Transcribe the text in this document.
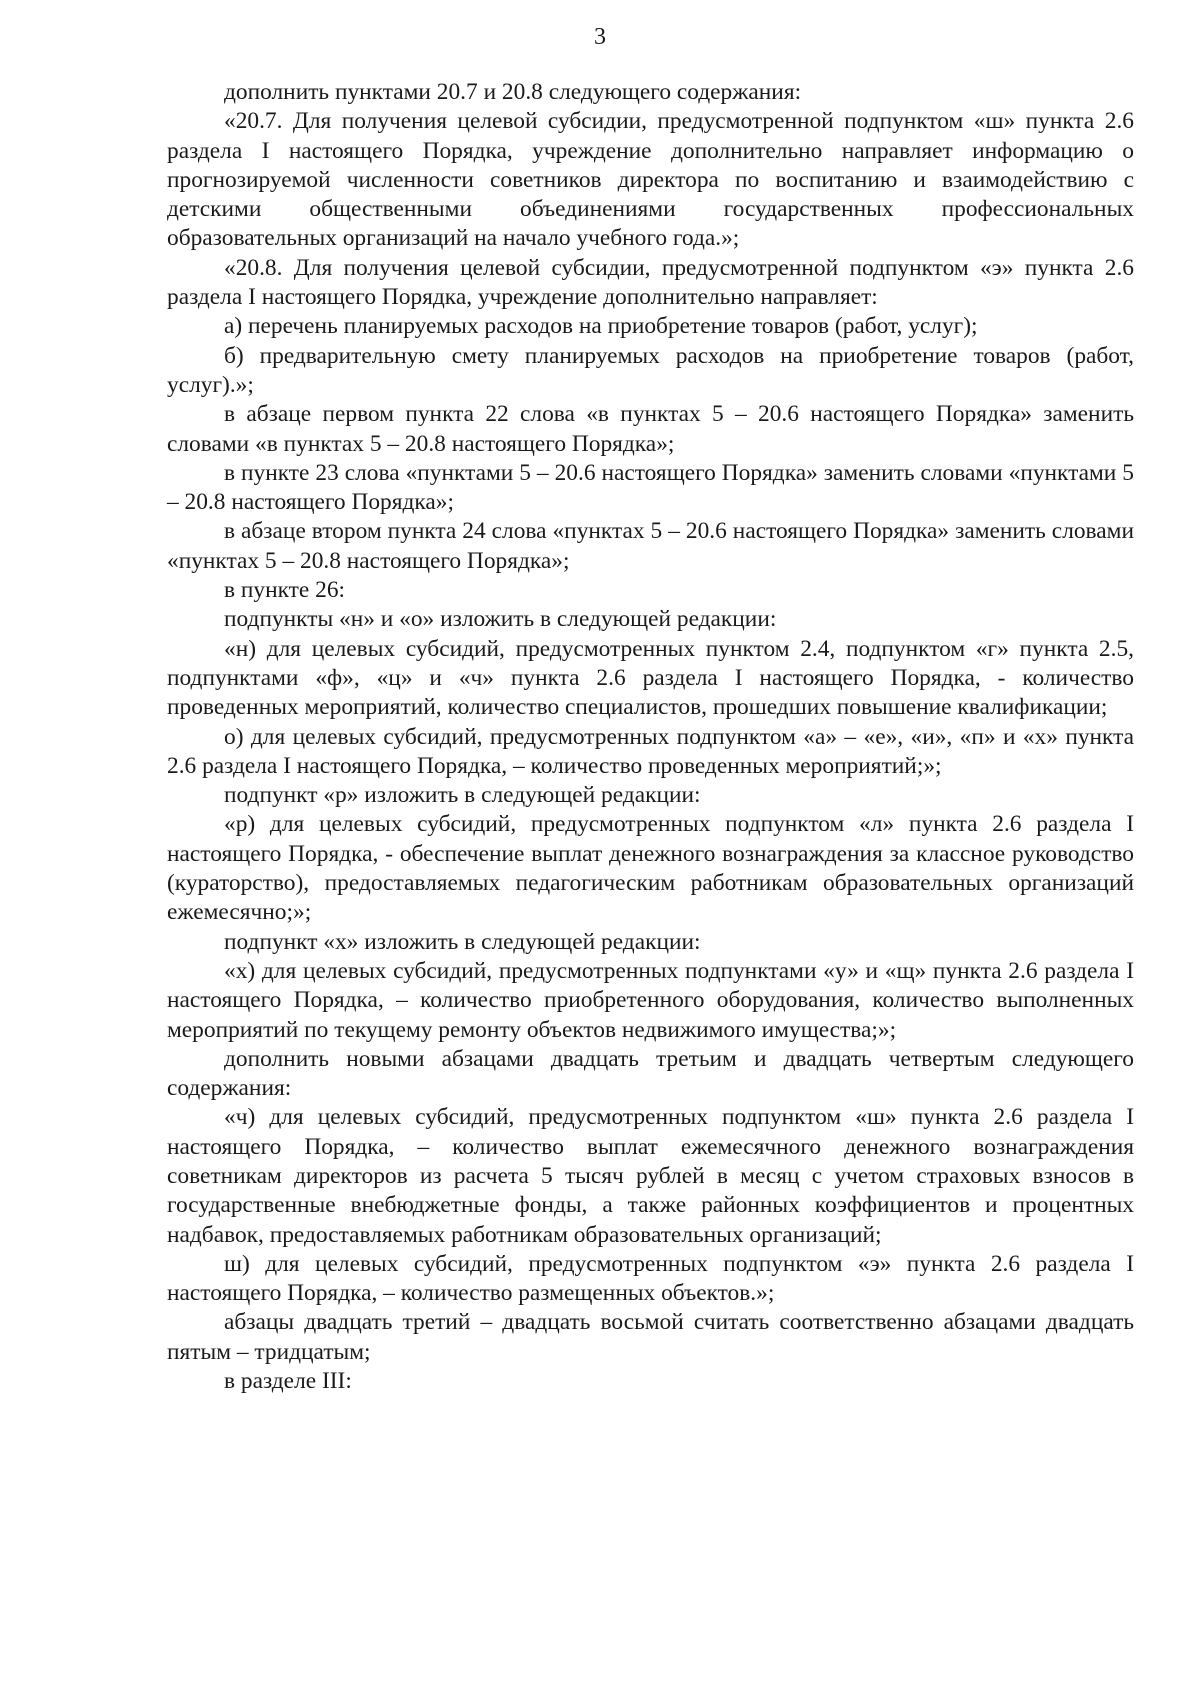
3

дополнить пунктами 20.7 и 20.8 следующего содержания:

«20.7. Для получения целевой субсидии, предусмотренной подпунктом «ш» пункта 2.6 раздела I настоящего Порядка, учреждение дополнительно направляет информацию о прогнозируемой численности советников директора по воспитанию и взаимодействию с детскими общественными объединениями государственных профессиональных образовательных организаций на начало учебного года.»;

«20.8. Для получения целевой субсидии, предусмотренной подпунктом «э» пункта 2.6 раздела I настоящего Порядка, учреждение дополнительно направляет:

а) перечень планируемых расходов на приобретение товаров (работ, услуг);

б) предварительную смету планируемых расходов на приобретение товаров (работ, услуг).»;

в абзаце первом пункта 22 слова «в пунктах 5 – 20.6 настоящего Порядка» заменить словами «в пунктах 5 – 20.8 настоящего Порядка»;

в пункте 23 слова «пунктами 5 – 20.6 настоящего Порядка» заменить словами «пунктами 5 – 20.8 настоящего Порядка»;

в абзаце втором пункта 24 слова «пунктах 5 – 20.6 настоящего Порядка» заменить словами «пунктах 5 – 20.8 настоящего Порядка»;

в пункте 26:

подпункты «н» и «о» изложить в следующей редакции:

«н) для целевых субсидий, предусмотренных пунктом 2.4, подпунктом «г» пункта 2.5, подпунктами «ф», «ц» и «ч» пункта 2.6 раздела I настоящего Порядка, - количество проведенных мероприятий, количество специалистов, прошедших повышение квалификации;

о) для целевых субсидий, предусмотренных подпунктом «а» – «е», «и», «п» и «х» пункта 2.6 раздела I настоящего Порядка, – количество проведенных мероприятий;»;

подпункт «р» изложить в следующей редакции:

«р) для целевых субсидий, предусмотренных подпунктом «л» пункта 2.6 раздела I настоящего Порядка, - обеспечение выплат денежного вознаграждения за классное руководство (кураторство), предоставляемых педагогическим работникам образовательных организаций ежемесячно;»;

подпункт «х» изложить в следующей редакции:

«х) для целевых субсидий, предусмотренных подпунктами «у» и «щ» пункта 2.6 раздела I настоящего Порядка, – количество приобретенного оборудования, количество выполненных мероприятий по текущему ремонту объектов недвижимого имущества;»;

дополнить новыми абзацами двадцать третьим и двадцать четвертым следующего содержания:

«ч) для целевых субсидий, предусмотренных подпунктом «ш» пункта 2.6 раздела I настоящего Порядка, – количество выплат ежемесячного денежного вознаграждения советникам директоров из расчета 5 тысяч рублей в месяц с учетом страховых взносов в государственные внебюджетные фонды, а также районных коэффициентов и процентных надбавок, предоставляемых работникам образовательных организаций;

ш) для целевых субсидий, предусмотренных подпунктом «э» пункта 2.6 раздела I настоящего Порядка, – количество размещенных объектов.»;

абзацы двадцать третий – двадцать восьмой считать соответственно абзацами двадцать пятым – тридцатым;

в разделе III:
